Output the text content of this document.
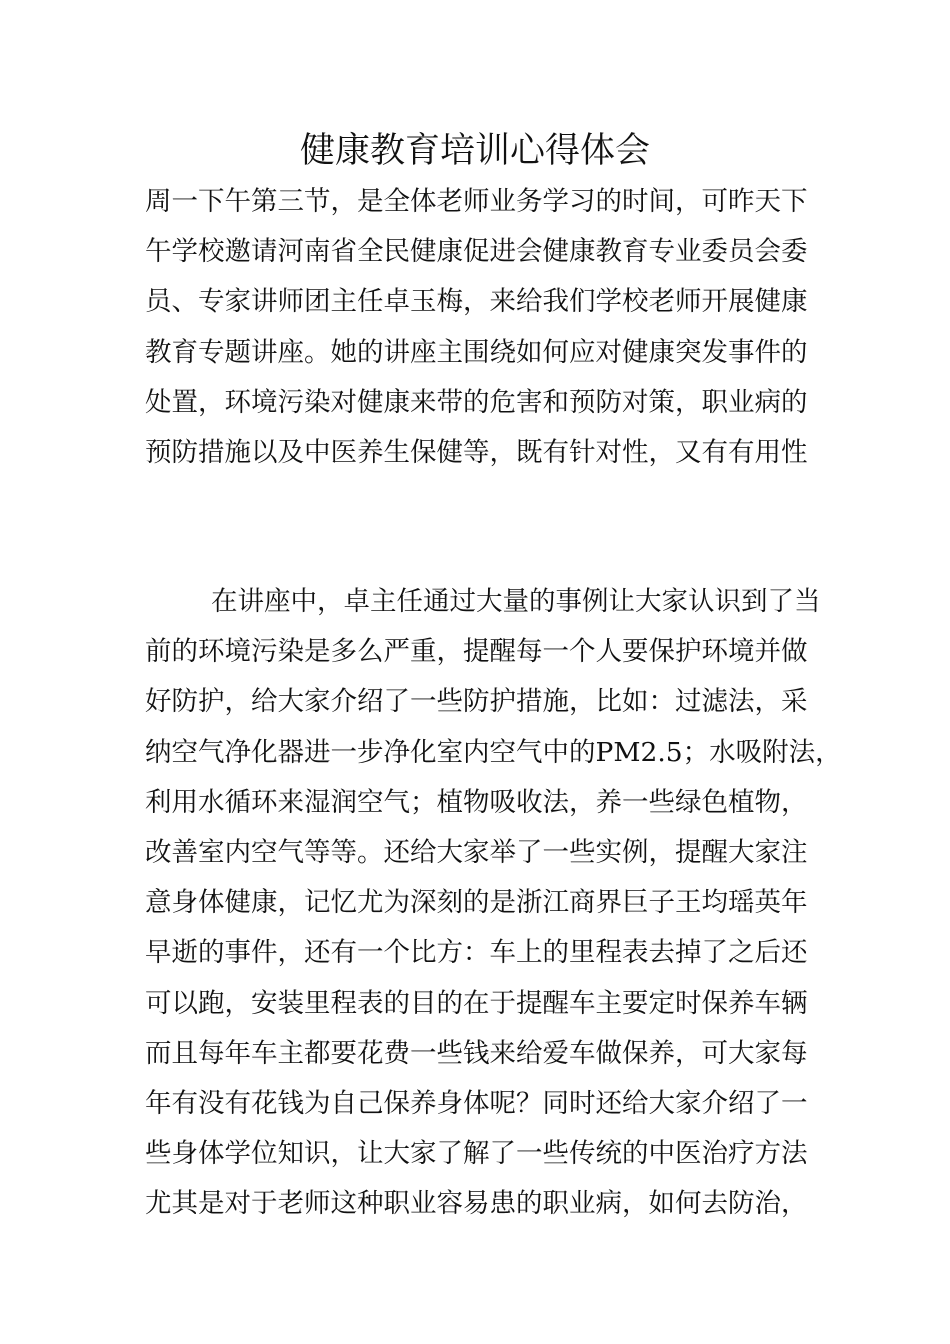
健康教育培训心得体会
周一下午第三节，是全体老师业务学习的时间，可昨天下
午学校邀请河南省全民健康促进会健康教育专业委员会委
员、专家讲师团主任卓玉梅，来给我们学校老师开展健康
教育专题讲座。她的讲座主围绕如何应对健康突发事件的
处置，环境污染对健康来带的危害和预防对策，职业病的
预防措施以及中医养生保健等，既有针对性，又有有用性
在讲座中，卓主任通过大量的事例让大家认识到了当
前的环境污染是多么严重，提醒每一个人要保护环境并做
好防护，给大家介绍了一些防护措施，比如：过滤法，采
纳空气净化器进一步净化室内空气中的PM2.5；水吸附法，
利用水循环来湿润空气；植物吸收法，养一些绿色植物，
改善室内空气等等。还给大家举了一些实例，提醒大家注
意身体健康，记忆尤为深刻的是浙江商界巨子王均瑶英年
早逝的事件，还有一个比方：车上的里程表去掉了之后还
可以跑，安装里程表的目的在于提醒车主要定时保养车辆
而且每年车主都要花费一些钱来给爱车做保养，可大家每
年有没有花钱为自己保养身体呢？同时还给大家介绍了一
些身体学位知识，让大家了解了一些传统的中医治疗方法
尤其是对于老师这种职业容易患的职业病，如何去防治，
